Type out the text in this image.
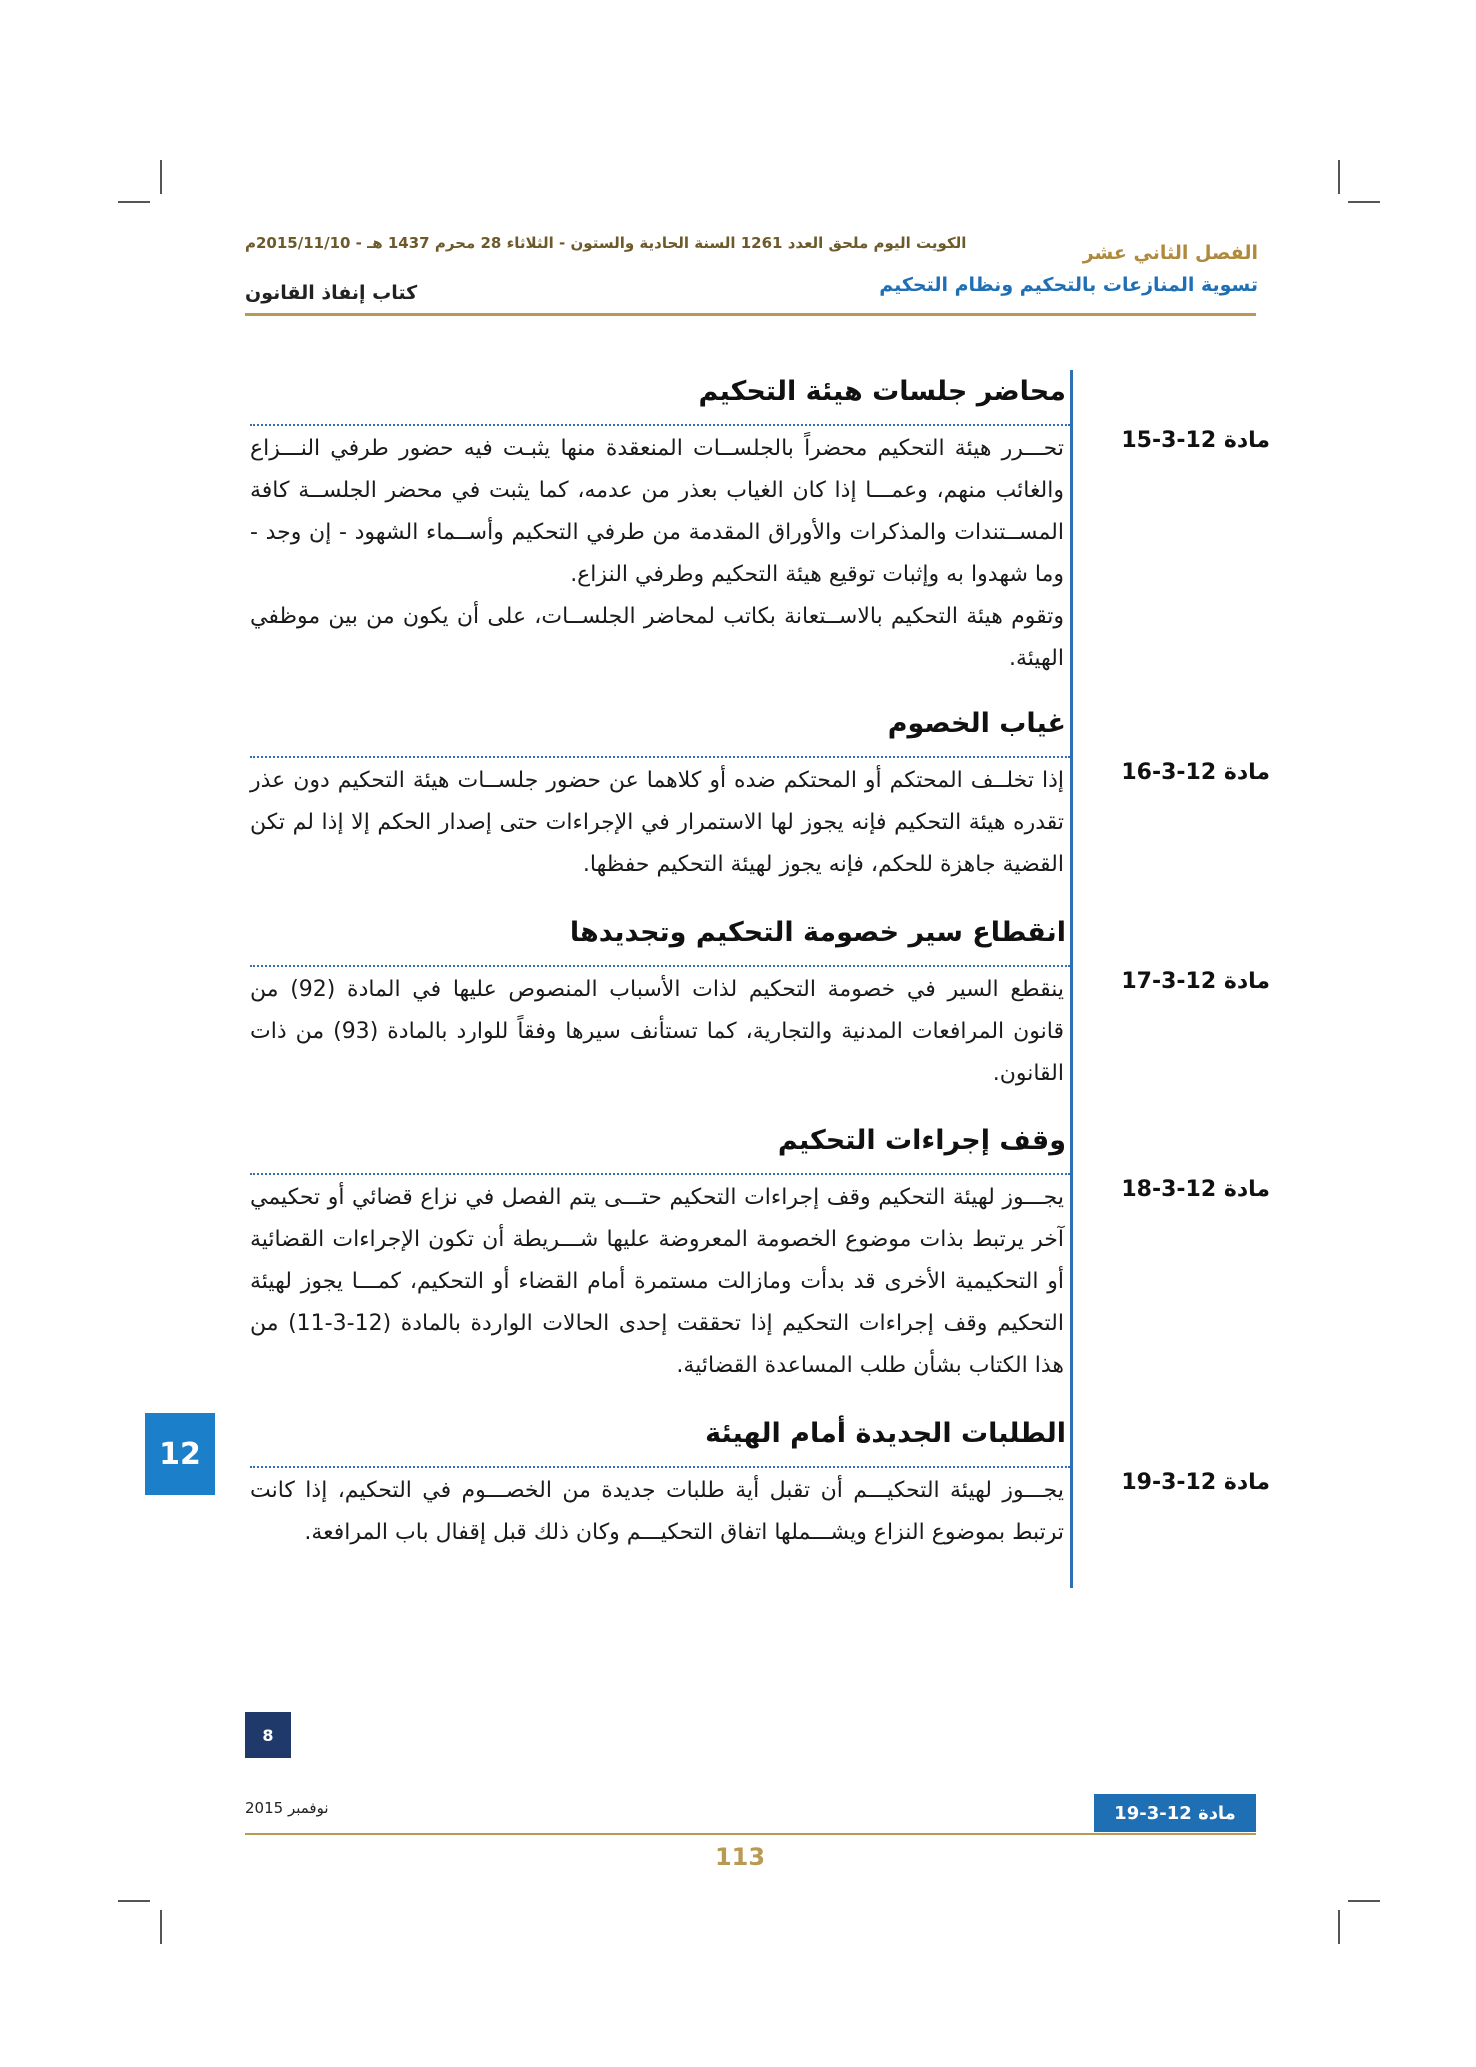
الكويت اليوم ملحق العدد 1261 السنة الحادية والستون - الثلاثاء 28 محرم 1437 هـ - 2015/11/10م	الفصل الثاني عشر
تسوية المنازعات بالتحكيم ونظام التحكيم
كتاب إنفاذ القانون
محاضر جلسات هيئة التحكيم
مادة 12-3-15

تحـــرر هيئة التحكيم محضراً بالجلســات المنعقدة منها يثبـت فيه حضور طرفي النـــزاع والغائب منهم، وعمـــا إذا كان الغياب بعذر من عدمه، كما يثبت في محضر الجلســة كافة المســتندات والمذكرات والأوراق المقدمة من طرفي التحكيم وأســماء الشهود - إن وجد - وما شهدوا به وإثبات توقيع هيئة التحكيم وطرفي النزاع.

وتقوم هيئة التحكيم بالاســتعانة بكاتب لمحاضر الجلســات، على أن يكون من بين موظفي الهيئة.

غياب الخصوم
مادة 12-3-16

إذا تخلــف المحتكم أو المحتكم ضده أو كلاهما عن حضور جلســات هيئة التحكيم دون عذر تقدره هيئة التحكيم فإنه يجوز لها الاستمرار في الإجراءات حتى إصدار الحكم إلا إذا لم تكن القضية جاهزة للحكم، فإنه يجوز لهيئة التحكيم حفظها.

انقطاع سير خصومة التحكيم وتجديدها
مادة 12-3-17

ينقطع السير في خصومة التحكيم لذات الأسباب المنصوص عليها في المادة (92) من قانون المرافعات المدنية والتجارية، كما تستأنف سيرها وفقاً للوارد بالمادة (93) من ذات القانون.

وقف إجراءات التحكيم
مادة 12-3-18

يجـــوز لهيئة التحكيم وقف إجراءات التحكيم حتـــى يتم الفصل في نزاع قضائي أو تحكيمي آخر يرتبط بذات موضوع الخصومة المعروضة عليها شـــريطة أن تكون الإجراءات القضائية أو التحكيمية الأخرى قد بدأت ومازالت مستمرة أمام القضاء أو التحكيم، كمـــا يجوز لهيئة التحكيم وقف إجراءات التحكيم إذا تحققت إحدى الحالات الواردة بالمادة (12-3-11) من هذا الكتاب بشأن طلب المساعدة القضائية.

الطلبات الجديدة أمام الهيئة
مادة 12-3-19

يجـــوز لهيئة التحكيـــم أن تقبل أية طلبات جديدة من الخصـــوم في التحكيم، إذا كانت ترتبط بموضوع النزاع ويشـــملها اتفاق التحكيـــم وكان ذلك قبل إقفال باب المرافعة.

12
8
نوفمبر 2015	مادة 12-3-19
113
